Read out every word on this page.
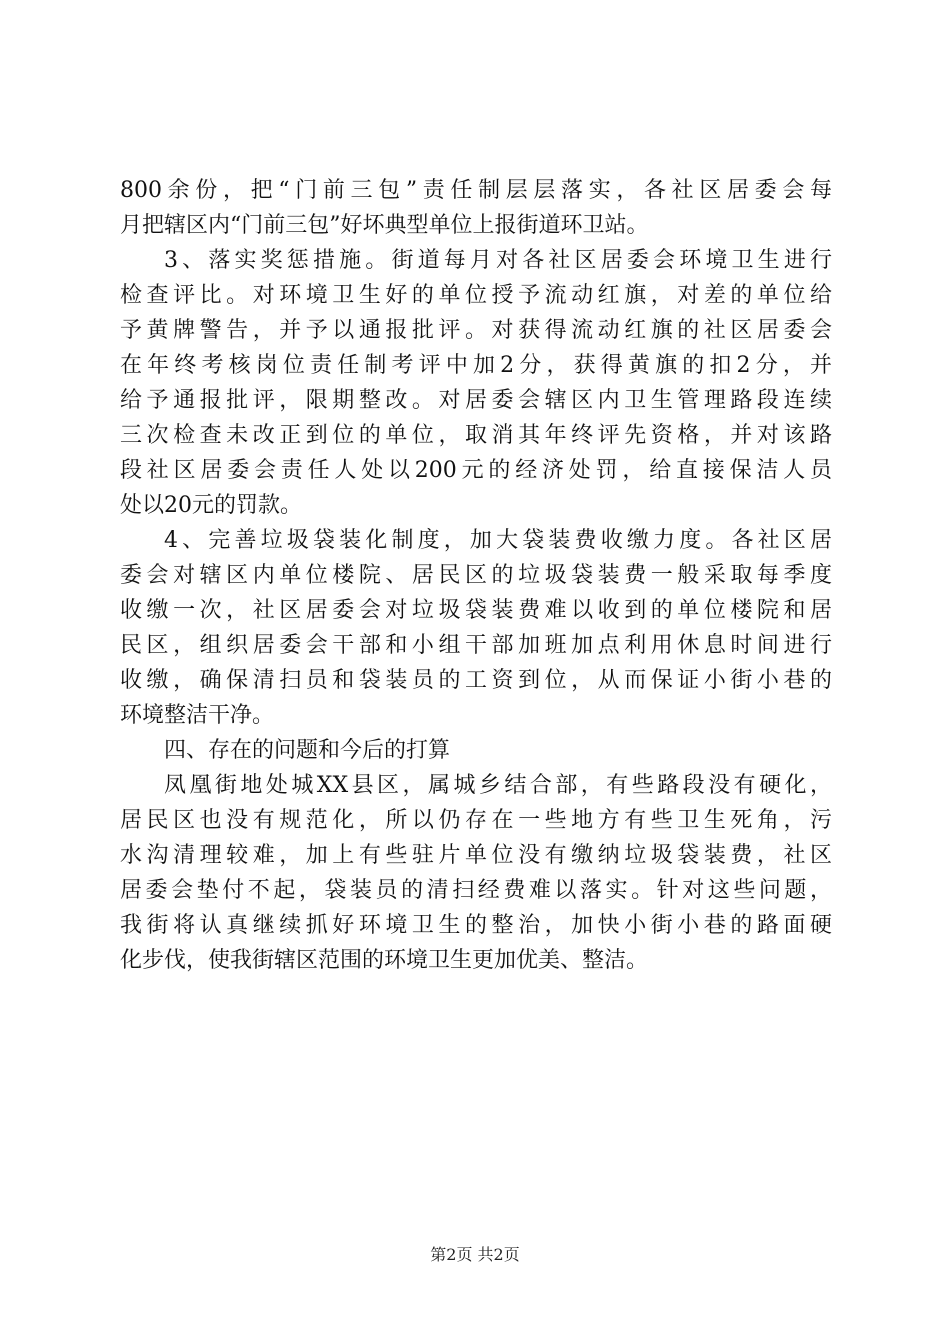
800余份，把“门前三包”责任制层层落实，各社区居委会每
月把辖区内“门前三包”好坏典型单位上报街道环卫站。
3、落实奖惩措施。街道每月对各社区居委会环境卫生进行
检查评比。对环境卫生好的单位授予流动红旗，对差的单位给
予黄牌警告，并予以通报批评。对获得流动红旗的社区居委会
在年终考核岗位责任制考评中加2分，获得黄旗的扣2分，并
给予通报批评，限期整改。对居委会辖区内卫生管理路段连续
三次检查未改正到位的单位，取消其年终评先资格，并对该路
段社区居委会责任人处以200元的经济处罚，给直接保洁人员
处以20元的罚款。
4、完善垃圾袋装化制度，加大袋装费收缴力度。各社区居
委会对辖区内单位楼院、居民区的垃圾袋装费一般采取每季度
收缴一次，社区居委会对垃圾袋装费难以收到的单位楼院和居
民区，组织居委会干部和小组干部加班加点利用休息时间进行
收缴，确保清扫员和袋装员的工资到位，从而保证小街小巷的
环境整洁干净。
四、存在的问题和今后的打算
凤凰街地处城XX县区，属城乡结合部，有些路段没有硬化，
居民区也没有规范化，所以仍存在一些地方有些卫生死角，污
水沟清理较难，加上有些驻片单位没有缴纳垃圾袋装费，社区
居委会垫付不起，袋装员的清扫经费难以落实。针对这些问题，
我街将认真继续抓好环境卫生的整治，加快小街小巷的路面硬
化步伐，使我街辖区范围的环境卫生更加优美、整洁。
第2页 共2页
